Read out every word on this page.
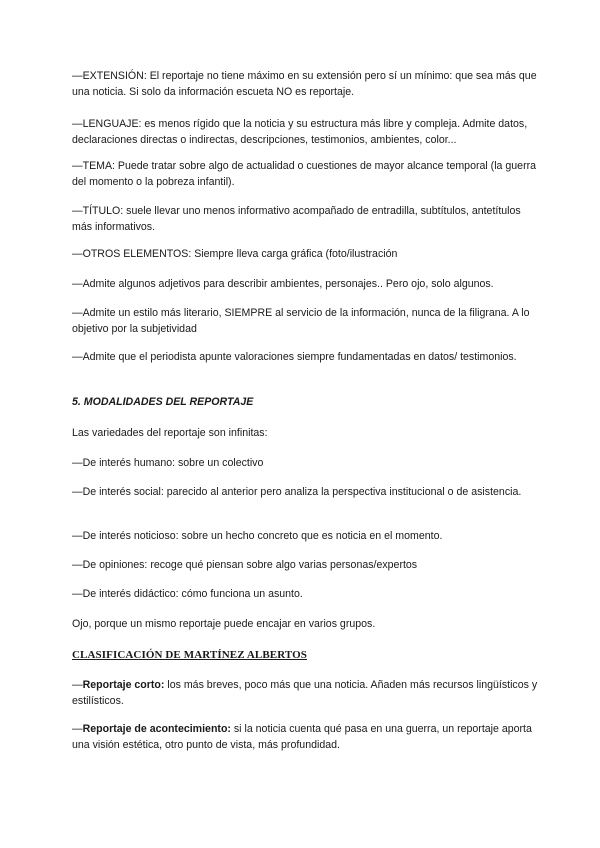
—EXTENSIÓN: El reportaje no tiene máximo en su extensión pero sí un mínimo: que sea más que una noticia. Si solo da información escueta NO es reportaje.

—LENGUAJE: es menos rígido que la noticia y su estructura más libre y compleja. Admite datos, declaraciones directas o indirectas, descripciones, testimonios, ambientes, color...

—TEMA: Puede tratar sobre algo de actualidad o cuestiones de mayor alcance temporal (la guerra del momento o la pobreza infantil).

—TÍTULO: suele llevar uno menos informativo acompañado de entradilla, subtítulos, antetítulos más informativos.

—OTROS ELEMENTOS: Siempre lleva carga gráfica (foto/ilustración

—Admite algunos adjetivos para describir ambientes, personajes.. Pero ojo, solo algunos.

—Admite un estilo más literario, SIEMPRE al servicio de la información, nunca de la filigrana. A lo objetivo por la subjetividad

—Admite que el periodista apunte valoraciones siempre fundamentadas en datos/ testimonios.

5. MODALIDADES DEL REPORTAJE

Las variedades del reportaje son infinitas:

—De interés humano: sobre un colectivo

—De interés social: parecido al anterior pero analiza la perspectiva institucional o de asistencia.

—De interés noticioso: sobre un hecho concreto que es noticia en el momento.

—De opiniones: recoge qué piensan sobre algo varias personas/expertos

—De interés didáctico: cómo funciona un asunto.

Ojo, porque un mismo reportaje puede encajar en varios grupos.

CLASIFICACIÓN DE MARTÍNEZ ALBERTOS

—Reportaje corto: los más breves, poco más que una noticia. Añaden más recursos lingüísticos y estilísticos.

—Reportaje de acontecimiento: si la noticia cuenta qué pasa en una guerra, un reportaje aporta una visión estética, otro punto de vista, más profundidad.
